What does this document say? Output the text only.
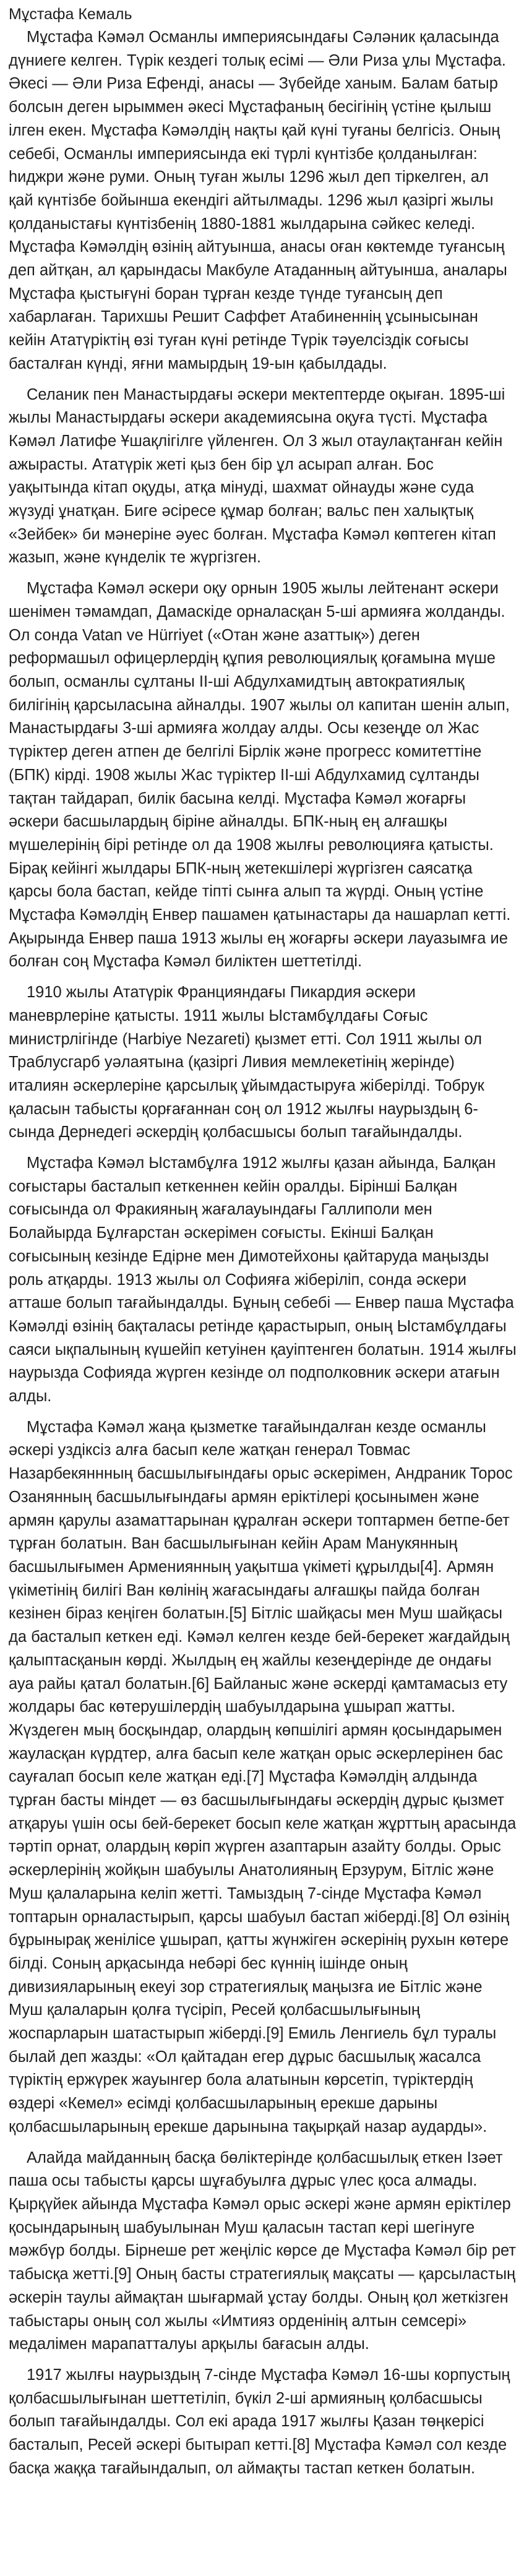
Мұстафа Кемаль

Мұстафа Кәмәл Османлы империясындағы Сәләник қаласында дүниеге келген. Түрік кездегі толық есімі — Әли Риза ұлы Мұстафа. Әкесі — Әли Риза Ефенді, анасы — Зүбейде ханым. Балам батыр болсын деген ырыммен әкесі Мұстафаның бесігінің үстіне қылыш ілген екен. Мұстафа Кәмәлдің нақты қай күні туғаны белгісіз. Оның себебі, Османлы империясында екі түрлі күнтізбе қолданылған: һиджри және руми. Оның туған жылы 1296 жыл деп тіркелген, ал қай күнтізбе бойынша екендігі айтылмады. 1296 жыл қазіргі жылы қолданыстағы күнтізбенің 1880-1881 жылдарына сәйкес келеді. Мұстафа Кәмәлдің өзінің айтуынша, анасы оған көктемде туғансың деп айтқан, ал қарындасы Макбуле Атаданның айтуынша, аналары Мұстафа қыстығүні боран тұрған кезде түнде туғансың деп хабарлаған. Тарихшы Решит Саффет Атабиненнің ұсынысынан кейін Ататүріктің өзі туған күні ретінде Түрік тәуелсіздік соғысы басталған күнді, яғни мамырдың 19-ын қабылдады.

Селаник пен Манастырдағы әскери мектептерде оқыған. 1895-ші жылы Манастырдағы әскери академиясына оқуға түсті. Мұстафа Кәмәл Латифе Ұшақлігілге үйленген. Ол 3 жыл отаулақтанған кейін ажырасты. Ататүрік жеті қыз бен бір ұл асырап алған. Бос уақытында кітап оқуды, атқа мінуді, шахмат ойнауды және суда жүзуді ұнатқан. Биге әсіресе құмар болған; вальс пен халықтық «Зейбек» би мәнеріне әуес болған. Мұстафа Кәмәл көптеген кітап жазып, және күнделік те жүргізген.

Мұстафа Кәмәл әскери оқу орнын 1905 жылы лейтенант әскери шенімен тәмамдап, Дамаскідe орналасқан 5-ші армияға жолданды. Ол сонда Vatan ve Hürriyet («Отан және азаттық») деген реформашыл офицерлердің құпия революциялық қоғамына мүше болып, османлы сұлтаны II-ші Абдулхамидтың автократиялық билігінің қарсыласына айналды. 1907 жылы ол капитан шенін алып, Манастырдағы 3-ші армияға жолдау алды. Осы кезеңде ол Жас түріктер деген атпен де белгілі Бірлік және прогресс комитеттіне (БПК) кірді. 1908 жылы Жас түріктер II-ші Абдулхамид сұлтанды тақтан тайдарап, билік басына келді. Мұстафа Кәмәл жоғарғы әскери басшылардың біріне айналды. БПК-ның ең алғашқы мүшелерінің бірі ретінде ол да 1908 жылғы революцияға қатысты. Бірақ кейінгі жылдары БПК-ның жетекшілері жүргізген саясатқа қарсы бола бастап, кейде тіпті сынға алып та жүрді. Оның үстіне Мұстафа Кәмәлдің Енвер пашамен қатынастары да нашарлап кетті. Ақырында Енвер паша 1913 жылы ең жоғарғы әскери лауазымға ие болған соң Мұстафа Кәмәл биліктен шеттетілді.

1910 жылы Ататүрік Францияндағы Пикардия әскери маневрлеріне қатысты. 1911 жылы Ыстамбұлдағы Соғыс министрлігінде (Harbiye Nezareti) қызмет етті. Сол 1911 жылы ол Траблусгарб уәлаятына (қазіргі Ливия мемлекетінің жерінде) италиян әскерлеріне қарсылық ұйымдастыруға жіберілді. Тобрук қаласын табысты қорғағаннан соң ол 1912 жылғы наурыздың 6-сында Дернедегі әскердің қолбасшысы болып тағайындалды.

Мұстафа Кәмәл Ыстамбұлға 1912 жылғы қазан айында, Балқан соғыстары басталып кеткеннен кейін оралды. Бірінші Балқан соғысында ол Фракияның жағалауындағы Галлиполи мен Болайырда Бұлғарстан әскерімен соғысты. Екінші Балқан соғысының кезінде Едірне мен Димотейхоны қайтаруда маңызды роль атқарды. 1913 жылы ол Софияға жіберіліп, сонда әскери атташе болып тағайындалды. Бұның себебі — Енвер паша Мұстафа Кәмәлді өзінің бақталасы ретінде қарастырып, оның Ыстамбұлдағы саяси ықпалының күшейіп кетуінен қауіптенген болатын. 1914 жылғы наурызда Софияда жүрген кезінде ол подполковник әскери атағын алды.

Мұстафа Кәмәл жаңа қызметке тағайындалған кезде османлы әскері уздіксіз алға басып келе жатқан генерал Товмас Назарбекяннның басшылығындағы орыс әскерімен, Андраник Торос Озанянның басшылығындағы армян еріктілері қосынымен және армян қарулы азаматтарынан құралған әскери топтармен бетпе-бет тұрған болатын. Ван басшылығынан кейін Арам Манукянның басшылығымен Армениянның уақытша үкіметі құрылды[4]. Армян үкіметінің билігі Ван көлінің жағасындағы алғашқы пайда болған кезінен біраз кеңіген болатын.[5] Бітліс шайқасы мен Муш шайқасы да басталып кеткен еді. Кәмәл келген кезде бей-берекет жағдайдың қалыптасқанын көрді. Жылдың ең жайлы кезеңдерінде де ондағы ауа райы қатал болатын.[6] Байланыс және әскерді қамтамасыз ету жолдары бас көтерушілердің шабуылдарына ұшырап жатты. Жүздеген мың босқындар, олардың көпшілігі армян қосындарымен жауласқан күрдтер, алға басып келе жатқан орыс әскерлерінен бас сауғалап босып келе жатқан еді.[7] Мұстафа Кәмәлдің алдында тұрған басты міндет — өз басшылығындағы әскердің дұрыс қызмет атқаруы үшін осы бей-берекет босып келе жатқан жұрттың арасында тәртіп орнат, олардың көріп жүрген азаптарын азайту болды. Орыс әскерлерінің жойқын шабуылы Анатолияның Ерзурум, Бітліс және Муш қалаларына келіп жетті. Тамыздың 7-сінде Мұстафа Кәмәл топтарын орналастырып, қарсы шабуыл бастап жіберді.[8] Ол өзінің бұрынырақ женілісе ұшырап, қатты жүнжіген әскерінің рухын көтере білді. Соның арқасында небәрі бес күннің ішінде оның дивизияларының екеуі зор стратегиялық маңызға ие Бітліс және Муш қалаларын қолға түсіріп, Ресей қолбасшылығының жоспарларын шатастырып жіберді.[9] Емиль Ленгиель бұл туралы былай деп жазды: «Ол қайтадан егер дұрыс басшылық жасалса түріктің ержүрек жауынгер бола алатынын көрсетіп, түріктердің өздері «Кемел» есімді қолбасшыларының ерекше дарыны қолбасшыларының ерекше дарынына тақырқай назар аударды».

Алайда майданның басқа бөліктерінде қолбасшылық еткен Ізәет паша осы табысты қарсы шұғабуылға дұрыс үлес қоса алмады. Қырқүйек айында Мұстафа Кәмәл орыс әскері және армян еріктілер қосындарының шабуылынан Муш қаласын тастап кері шегінуге мәжбүр болды. Бірнеше рет жеңіліс көрсе де Мұстафа Кәмәл бір рет табысқа жетті.[9] Оның басты стратегиялық мақсаты — қарсыластың әскерін таулы аймақтан шығармай ұстау болды. Оның қол жеткізген табыстары оның сол жылы «Имтияз орденінің алтын семсері» медалімен марапатталуы арқылы бағасын алды.

1917 жылғы наурыздың 7-сінде Мұстафа Кәмәл 16-шы корпустың қолбасшылығынан шеттетіліп, бүкіл 2-ші армияның қолбасшысы болып тағайындалды. Сол екі арада 1917 жылғы Қазан төңкерісі басталып, Ресей әскері бытырап кетті.[8] Мұстафа Кәмәл сол кезде басқа жаққа тағайындалып, ол аймақты тастап кеткен болатын.
